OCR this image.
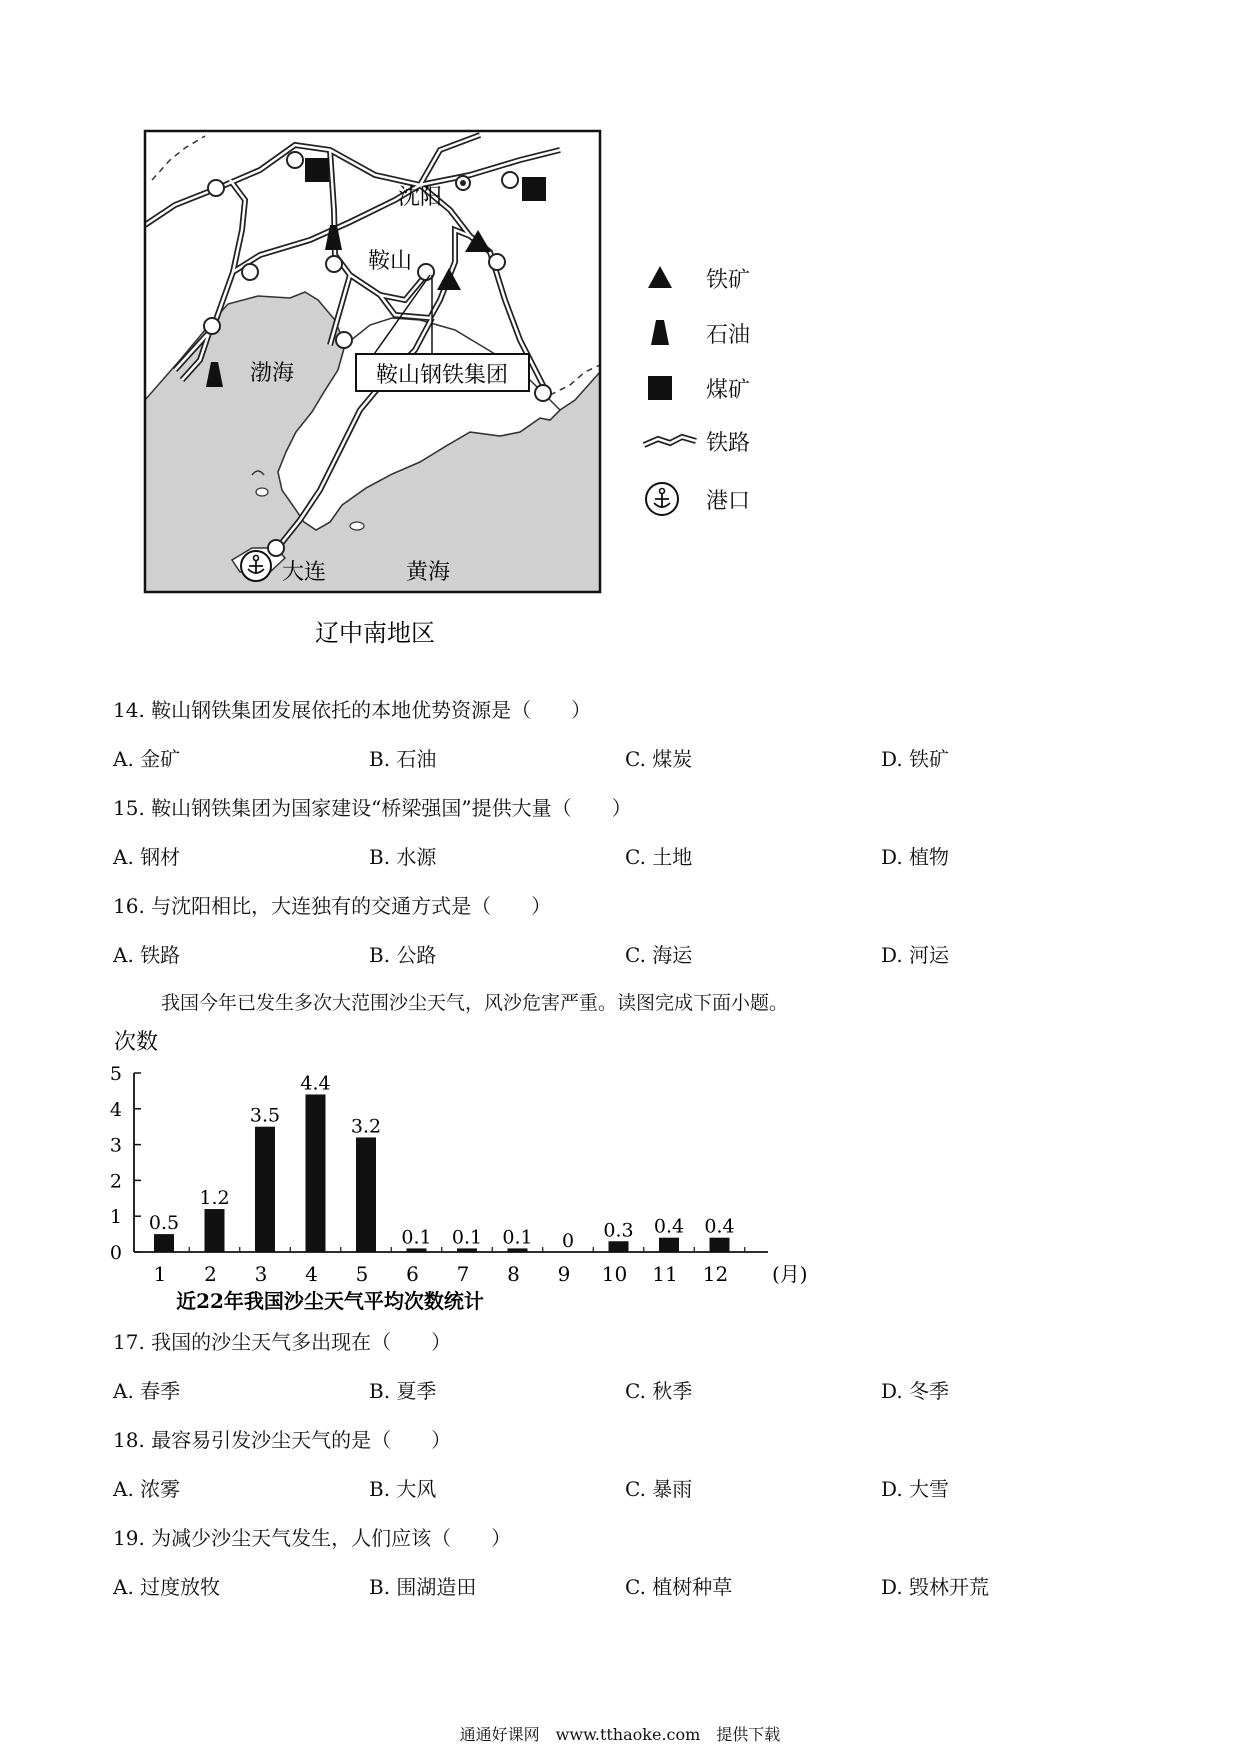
沈阳
鞍山
鞍山钢铁集团
渤海
大连	黄海
辽中南地区
铁矿
石油
煤矿
铁路
港口
14. 鞍山钢铁集团发展依托的本地优势资源是（　　）
A. 金矿	B. 石油	C. 煤炭	D. 铁矿
15. 鞍山钢铁集团为国家建设“桥梁强国”提供大量（　　）
A. 钢材	B. 水源	C. 土地	D. 植物
16. 与沈阳相比，大连独有的交通方式是（　　）
A. 铁路	B. 公路	C. 海运	D. 河运
我国今年已发生多次大范围沙尘天气，风沙危害严重。读图完成下面小题。
次数
0
1
2
3
4
5
0.5
1.2
3.5
4.4
3.2
0.1 0.1 0.1 0 0.3 0.4 0.4
1 2 3 4 5 6 7 8 9 10 11 12 (月)
近22年我国沙尘天气平均次数统计
17. 我国的沙尘天气多出现在（　　）
A. 春季	B. 夏季	C. 秋季	D. 冬季
18. 最容易引发沙尘天气的是（　　）
A. 浓雾	B. 大风	C. 暴雨	D. 大雪
19. 为减少沙尘天气发生，人们应该（　　）
A. 过度放牧	B. 围湖造田	C. 植树种草	D. 毁林开荒
通通好课网　www.tthaoke.com　提供下载
